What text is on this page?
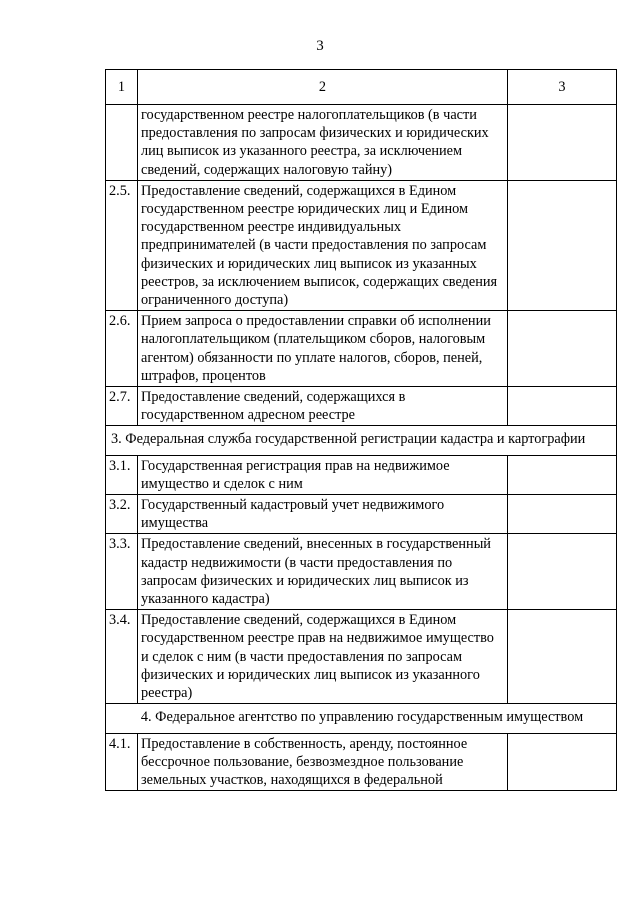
3
1	2	3
	государственном реестре налогоплательщиков (в части предоставления по запросам физических и юридических лиц выписок из указанного реестра, за исключением сведений, содержащих налоговую тайну)	
2.5.	Предоставление сведений, содержащихся в Едином государственном реестре юридических лиц и Едином государственном реестре индивидуальных предпринимателей (в части предоставления по запросам физических и юридических лиц выписок из указанных реестров, за исключением выписок, содержащих сведения ограниченного доступа)	
2.6.	Прием запроса о предоставлении справки об исполнении налогоплательщиком (плательщиком сборов, налоговым агентом) обязанности по уплате налогов, сборов, пеней, штрафов, процентов	
2.7.	Предоставление сведений, содержащихся в государственном адресном реестре	
3. Федеральная служба государственной регистрации кадастра и картографии		
3.1.	Государственная регистрация прав на недвижимое имущество и сделок с ним	
3.2.	Государственный кадастровый учет недвижимого имущества	
3.3.	Предоставление сведений, внесенных в государственный кадастр недвижимости (в части предоставления по запросам физических и юридических лиц выписок из указанного кадастра)	
3.4.	Предоставление сведений, содержащихся в Едином государственном реестре прав на недвижимое имущество и сделок с ним (в части предоставления по запросам физических и юридических лиц выписок из указанного реестра)	
4. Федеральное агентство по управлению государственным имуществом		
4.1.	Предоставление в собственность, аренду, постоянное бессрочное пользование, безвозмездное пользование земельных участков, находящихся в федеральной	
